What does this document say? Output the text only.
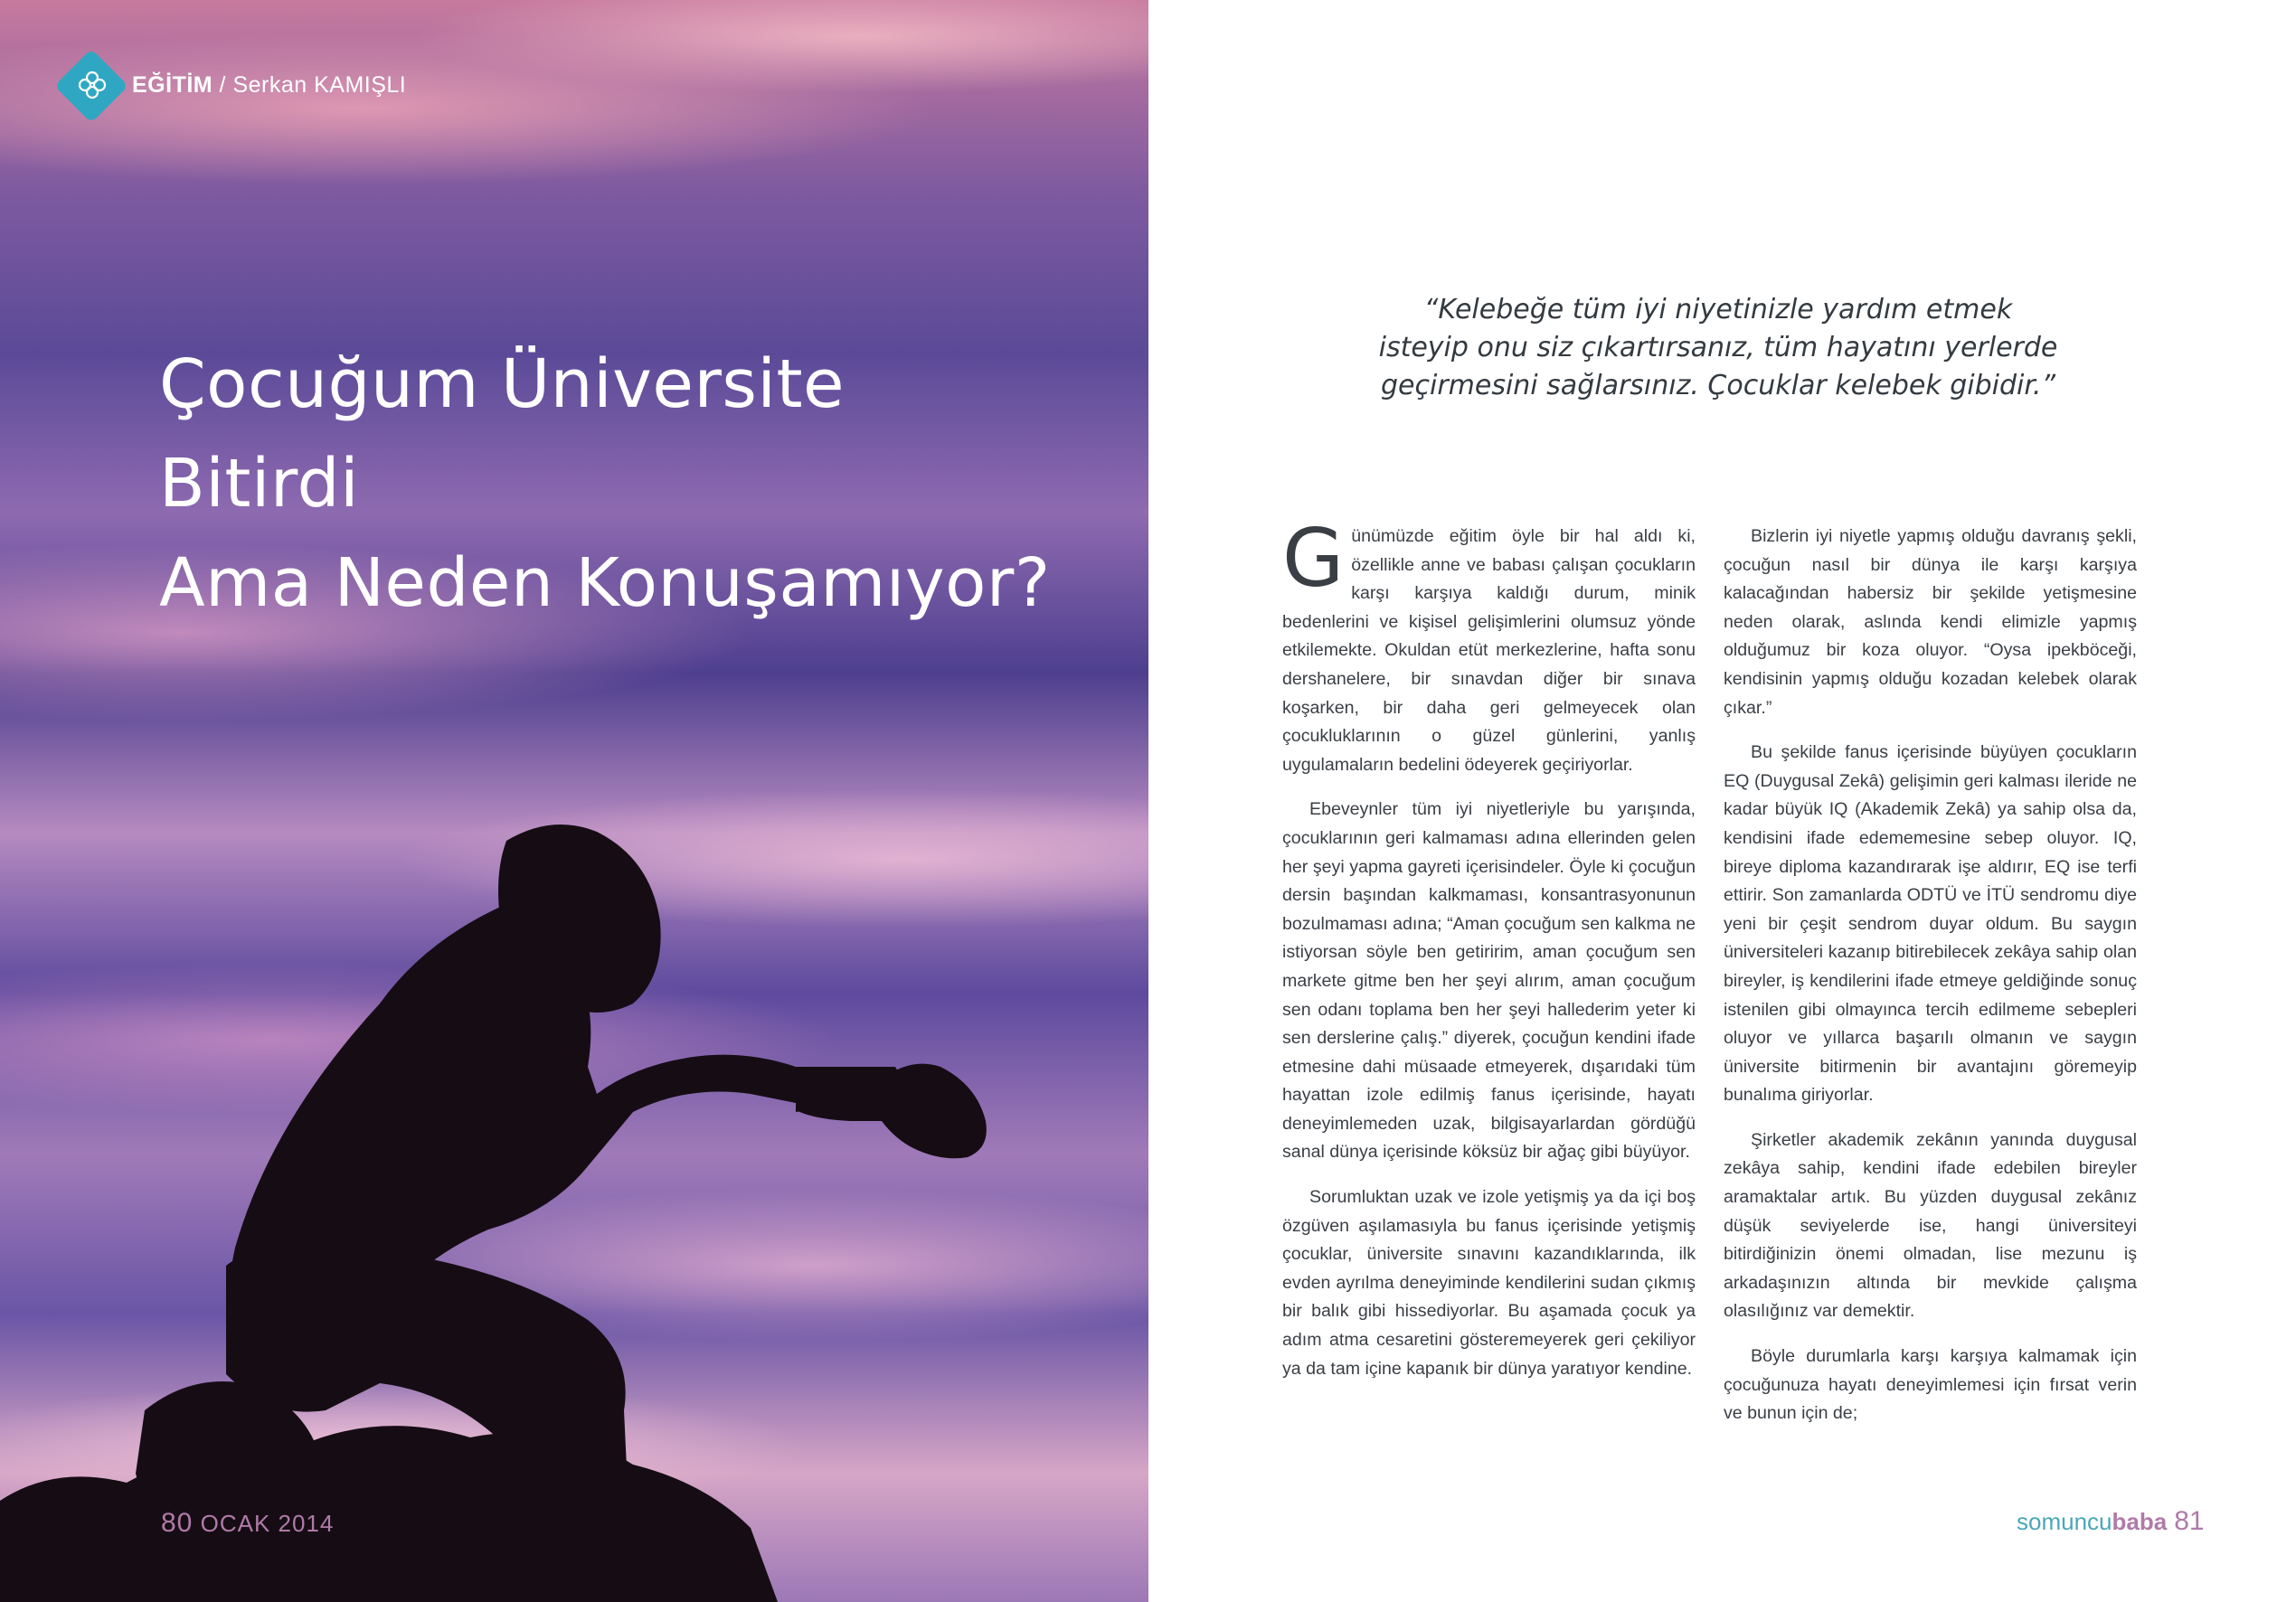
EĞİTİM / Serkan KAMIŞLI
Çocuğum Üniversite Bitirdi
Ama Neden Konuşamıyor?
80 OCAK 2014

“Kelebeğe tüm iyi niyetinizle yardım etmek
isteyip onu siz çıkartırsanız, tüm hayatını yerlerde
geçirmesini sağlarsınız. Çocuklar kelebek gibidir.”

Günümüzde eğitim öyle bir hal aldı ki, özellikle anne ve babası çalışan çocukların karşı karşıya kaldığı durum, minik bedenlerini ve kişisel gelişimlerini olumsuz yönde etkilemekte. Okuldan etüt merkezlerine, hafta sonu dershanelere, bir sınavdan diğer bir sınava koşarken, bir daha geri gelmeyecek olan çocukluklarının o güzel günlerini, yanlış uygulamaların bedelini ödeyerek geçiriyorlar.

Ebeveynler tüm iyi niyetleriyle bu yarışında, çocuklarının geri kalmaması adına ellerinden gelen her şeyi yapma gayreti içerisindeler. Öyle ki çocuğun dersin başından kalkmaması, konsantrasyonunun bozulmaması adına; “Aman çocuğum sen kalkma ne istiyorsan söyle ben getiririm, aman çocuğum sen markete gitme ben her şeyi alırım, aman çocuğum sen odanı toplama ben her şeyi hallederim yeter ki sen derslerine çalış.” diyerek, çocuğun kendini ifade etmesine dahi müsaade etmeyerek, dışarıdaki tüm hayattan izole edilmiş fanus içerisinde, hayatı deneyimlemeden uzak, bilgisayarlardan gördüğü sanal dünya içerisinde köksüz bir ağaç gibi büyüyor.

Sorumluktan uzak ve izole yetişmiş ya da içi boş özgüven aşılamasıyla bu fanus içerisinde yetişmiş çocuklar, üniversite sınavını kazandıklarında, ilk evden ayrılma deneyiminde kendilerini sudan çıkmış bir balık gibi hissediyorlar. Bu aşamada çocuk ya adım atma cesaretini gösteremeyerek geri çekiliyor ya da tam içine kapanık bir dünya yaratıyor kendine.

Bizlerin iyi niyetle yapmış olduğu davranış şekli, çocuğun nasıl bir dünya ile karşı karşıya kalacağından habersiz bir şekilde yetişmesine neden olarak, aslında kendi elimizle yapmış olduğumuz bir koza oluyor. “Oysa ipekböceği, kendisinin yapmış olduğu kozadan kelebek olarak çıkar.”

Bu şekilde fanus içerisinde büyüyen çocukların EQ (Duygusal Zekâ) gelişimin geri kalması ileride ne kadar büyük IQ (Akademik Zekâ) ya sahip olsa da, kendisini ifade edememesine sebep oluyor. IQ, bireye diploma kazandırarak işe aldırır, EQ ise terfi ettirir. Son zamanlarda ODTÜ ve İTÜ sendromu diye yeni bir çeşit sendrom duyar oldum. Bu saygın üniversiteleri kazanıp bitirebilecek zekâya sahip olan bireyler, iş kendilerini ifade etmeye geldiğinde sonuç istenilen gibi olmayınca tercih edilmeme sebepleri oluyor ve yıllarca başarılı olmanın ve saygın üniversite bitirmenin bir avantajını göremeyip bunalıma giriyorlar.

Şirketler akademik zekânın yanında duygusal zekâya sahip, kendini ifade edebilen bireyler aramaktalar artık. Bu yüzden duygusal zekânız düşük seviyelerde ise, hangi üniversiteyi bitirdiğinizin önemi olmadan, lise mezunu iş arkadaşınızın altında bir mevkide çalışma olasılığınız var demektir.

Böyle durumlarla karşı karşıya kalmamak için çocuğunuza hayatı deneyimlemesi için fırsat verin ve bunun için de;

somuncubaba 81
